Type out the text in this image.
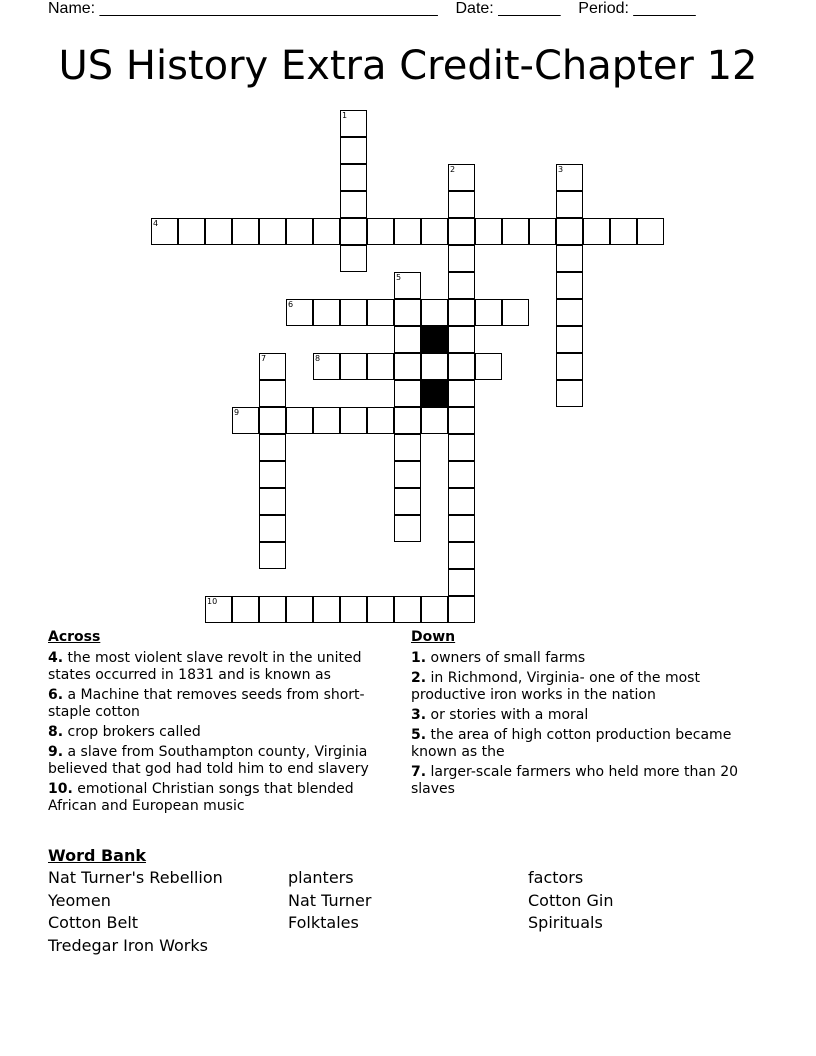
Name: ______________________________________ Date: _______ Period: _______
US History Extra Credit-Chapter 12
1
2	3
4
5
6
7	8
9
10
Across
4. the most violent slave revolt in the united states occurred in 1831 and is known as
6. a Machine that removes seeds from short-staple cotton
8. crop brokers called
9. a slave from Southampton county, Virginia believed that god had told him to end slavery
10. emotional Christian songs that blended African and European music
Down
1. owners of small farms
2. in Richmond, Virginia- one of the most productive iron works in the nation
3. or stories with a moral
5. the area of high cotton production became known as the
7. larger-scale farmers who held more than 20 slaves
Word Bank
Nat Turner's Rebellion	planters	factors
Yeomen	Nat Turner	Cotton Gin
Cotton Belt	Folktales	Spirituals
Tredegar Iron Works
